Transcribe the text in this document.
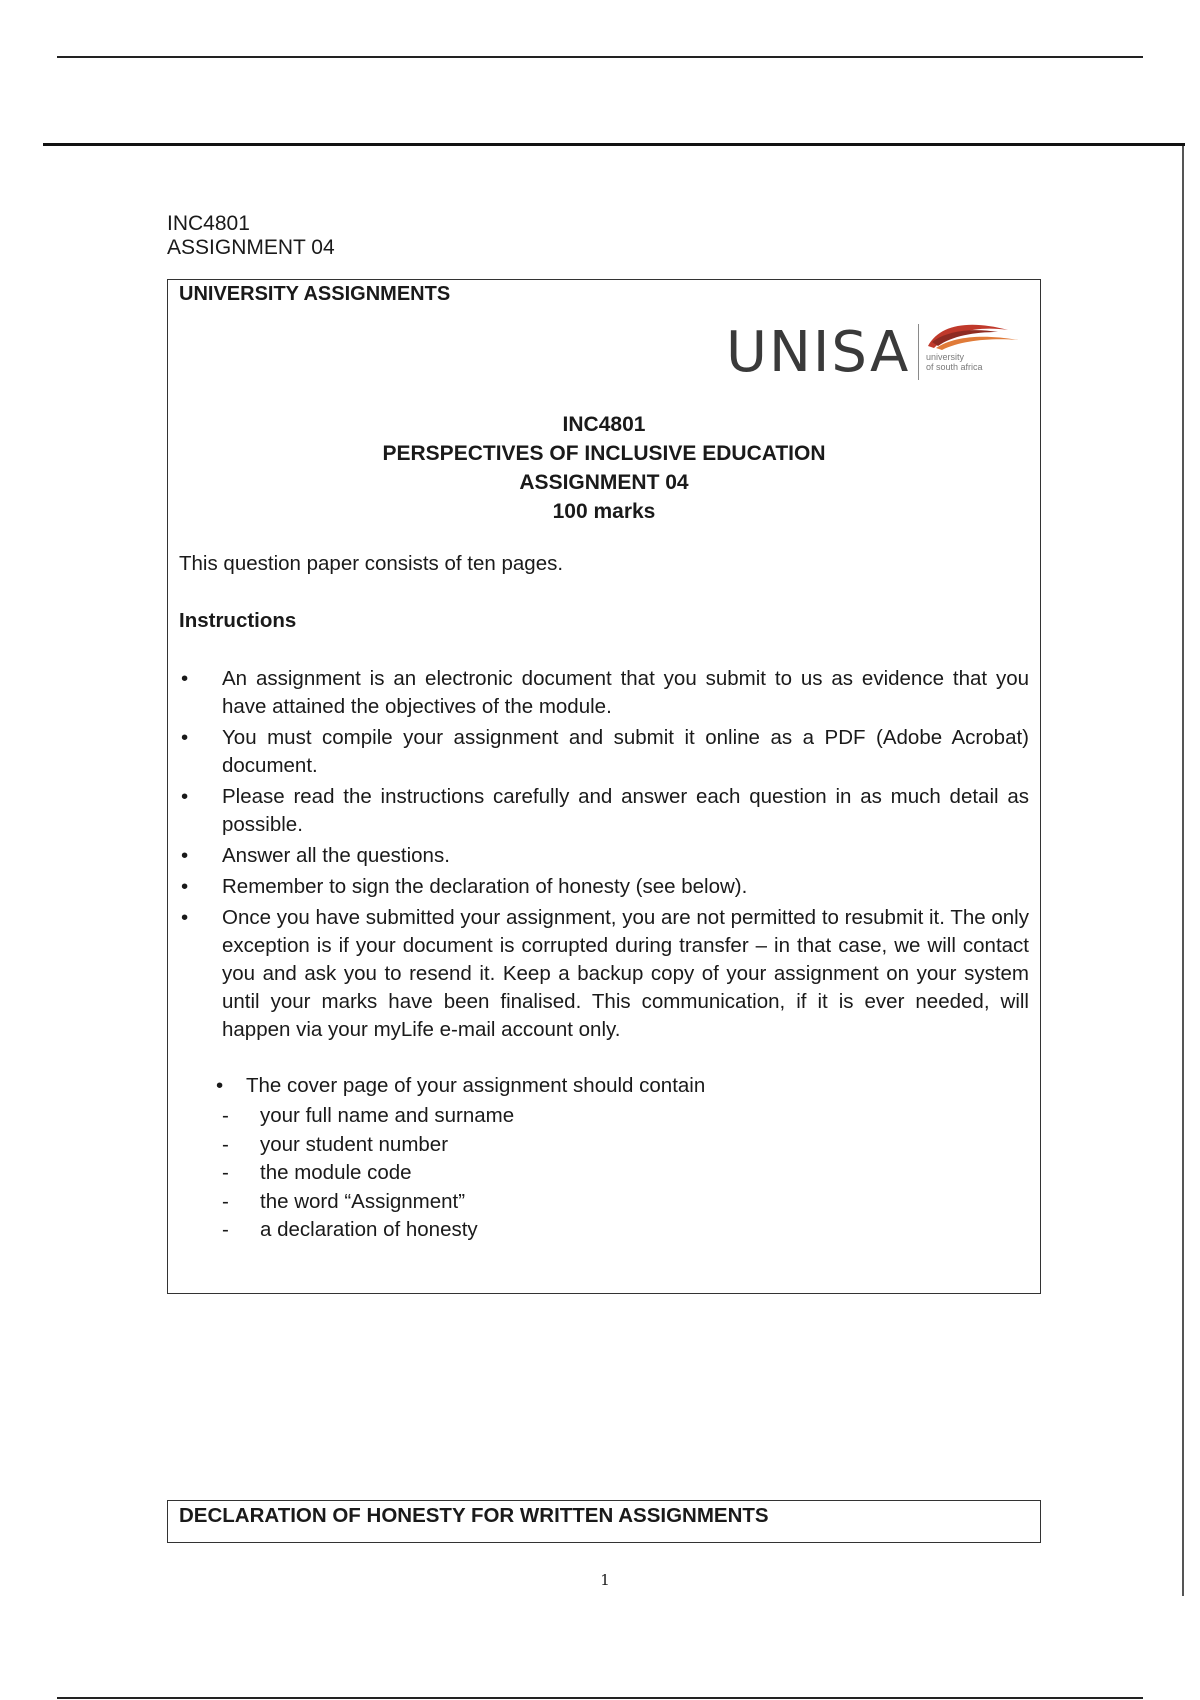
INC4801
ASSIGNMENT 04
UNIVERSITY ASSIGNMENTS
UNISA university
of south africa
INC4801
PERSPECTIVES OF INCLUSIVE EDUCATION
ASSIGNMENT 04
100 marks
This question paper consists of ten pages.
Instructions
• An assignment is an electronic document that you submit to us as evidence that you have attained the objectives of the module.
• You must compile your assignment and submit it online as a PDF (Adobe Acrobat) document.
• Please read the instructions carefully and answer each question in as much detail as possible.
• Answer all the questions.
• Remember to sign the declaration of honesty (see below).
• Once you have submitted your assignment, you are not permitted to resubmit it. The only exception is if your document is corrupted during transfer – in that case, we will contact you and ask you to resend it. Keep a backup copy of your assignment on your system until your marks have been finalised. This communication, if it is ever needed, will happen via your myLife e-mail account only.
• The cover page of your assignment should contain
- your full name and surname
- your student number
- the module code
- the word “Assignment”
- a declaration of honesty
DECLARATION OF HONESTY FOR WRITTEN ASSIGNMENTS
1
